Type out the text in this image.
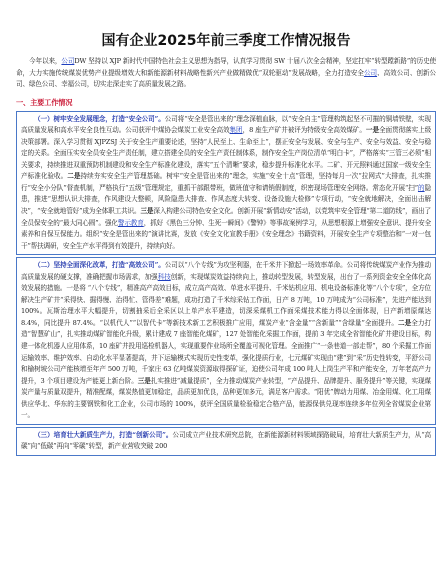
国有企业2025年前三季度工作情况报告

今年以来，公司DW 坚持以 XJP 新时代中国特色社会主义思想为指导，认真学习贯彻 SW 十届八次全会精神，坚定扛牢“转型蹚新路”的历史使命，大力实施传统煤炭优势产业提级增效大和新能源新材料战略性新兴产业做精做优“双轮驱动”发展战略，全力打造安全公司、高效公司、创新公司、绿色公司、幸福公司，切实走深走实了高质量发展之路。

一、主要工作情况

（一）树牢安全发展理念，打造“安全公司”。公司将“安全是管出来的”理念深植血脉，以“安全自主”管理构筑起坚不可摧的铜墙铁壁，实现高质量发展和高水平安全良性互动。公司获评中煤协会煤炭工业安全高效集团，8 座生产矿井被评为特级安全高效煤矿。一是全面贯彻落实上级决策部署。深入学习贯彻 XJPZSJ 关于安全生产重要论述，坚持“人民至上、生命至上”，摆正安全与发展、安全与生产、安全与效益、安全与稳定的关系。全面压实安全员安全生产责任制，建立搭建全员的安全生产责任制体系，制作安全生产岗位清单“明白卡”，严格落实“三管三必须”相关要求，持续推进双重预防机制建设和安全生产标准化建设，落实“五个清晰”要求，稳步提升标准化水平。二矿、开元照料通过国家一级安全生产标准化验收。二是持续夯实安全生产管理基础。树牢“安全是管出来的”理念，实施“安全十点”管理，坚持每月一次“拉网式”大排查，扎实推行“安全小分队”督查机制，严格执行“五级”管理规定，重抓干部跟带班，做班值守和请销假制度，织密现场管理安全网络。常态化开展“扫”的隐患，推进“思想认识大排查，作风建设大整顿，风险隐患大排查、作风态度大转变、设备设施大检修”专项行动，“安全就地解决，全面出击解决”，“安全就地管好”成为全体职工共识。三是深入构建公司特色安全文化。创新开展“新情动安”活动，以党筑牢安全管理“第二道防线”，画出了全员保安全的“最大同心圆”。强化警示教育，抓好《黑色三分钟、生死一瞬间》《警钟》等事故案例学习，从思想根源上增强安全意识、提升安全素养和自保互保能力。组织“安全是管出来的”演讲比赛，发放《安全文化宣教手册》《安全理念》书籍资料，开展安全生产专项整治和“一对一包干”帮扶调研，安全生产水平得到有效提升，持续向好。

（二）坚持全面深化改革，打造“高效公司”。公司以“八个专线”为攻坚利器，在千米井下掀起一场效率革命。公司将传统煤炭产业作为推动高质量发展的硬支撑，准确把握市场需求，加强科技创新，实现煤炭效益持续向上，推动转型发展，转型发展，出台了一系列资金安全全体化高效发展的措施。一是将 “八个专线”，精准高产高效目标，成立高产高效、单进水平提升、千米钻机应用、机电设备标准化等“八个专项”，全方位解决生产矿井“采得快、掘得慢、治得忙、管得差”难题，成功打造了千米综采钻工作面，日产 8 万吨，10 万吨成为“公司标准”，先进产能达到 100%。瓦斯治理水平大幅提升，切割抽采后全采区以上单产水平建造，切深采煤机工作面采煤技术能力得以全面体现，日产新增原煤达 8.4%，同比提升 87.4%。“以机代人”“以智代卡”等新技术新工艺积极推广应用，煤炭产业“含金量”“含新量”“含绿量”全面提升。二是全力打造“智慧矿山”，扎实推动煤矿智能化升级，累计建成 7 座智能化煤矿，127 处智能化采掘工作面，提前 3 年完成全省智能化矿井建设目标，构建一体化机器人应用体系，10 座矿井投用巡检机器人，实现重要作业场所全覆盖可视化管理。全面推广“一条巷道一部走帮”，80 个采掘工作面运输效率、维护效率、自动化水平显著提高，井下运输模式实现历史性变革，强化提质行业，七元煤矿实现由“建”到“采”历史性转变，平舒公司和榆树坡公司产能核增至年产 500 万吨，千家庄 63 亿吨煤炭资源取得探矿证，迫使公司年成 100 吨人上岗生产平和产能安全，万年老高产力提升，3 个项目建设为产能更上新台阶。三是扎实推进“减量提质”，全力推动煤炭产业转型，“产品提升、品牌提升、服务提升”等关键，实现煤炭产量与质量双提升，精准配煤，煤炭热值更加稳定，品质更加优良，品种更加多元，满足客户需求。“阳优”牌动力用煤、冶金用煤、化工用煤供应华北、华东的主要钢铁和化工企业，公司市场的 100%，获评全国质量检验稳定合格产品，能源保供兑现率连续多年位列全省煤炭企业第一。

（三）培育壮大新质生产力，打造“创新公司”。公司成立产业技术研究总院，在新能源新材料领域探路破局，培育壮大新质生产力，从“高碳”向“低碳”再向“零碳”转型，新产业营收突破 200
